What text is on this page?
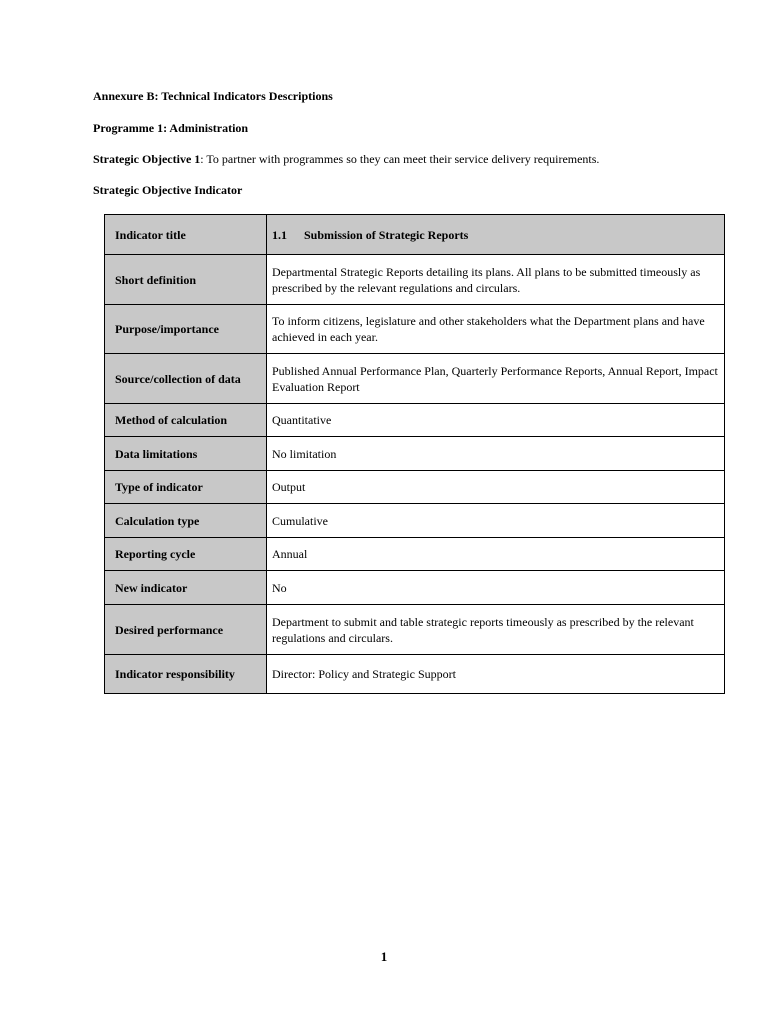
Annexure B: Technical Indicators Descriptions
Programme 1: Administration
Strategic Objective 1: To partner with programmes so they can meet their service delivery requirements.
Strategic Objective Indicator
Indicator title	1.1 Submission of Strategic Reports
Short definition	Departmental Strategic Reports detailing its plans. All plans to be submitted timeously as prescribed by the relevant regulations and circulars.
Purpose/importance	To inform citizens, legislature and other stakeholders what the Department plans and have achieved in each year.
Source/collection of data	Published Annual Performance Plan, Quarterly Performance Reports, Annual Report, Impact Evaluation Report
Method of calculation	Quantitative
Data limitations	No limitation
Type of indicator	Output
Calculation type	Cumulative
Reporting cycle	Annual
New indicator	No
Desired performance	Department to submit and table strategic reports timeously as prescribed by the relevant regulations and circulars.
Indicator responsibility	Director: Policy and Strategic Support
1
